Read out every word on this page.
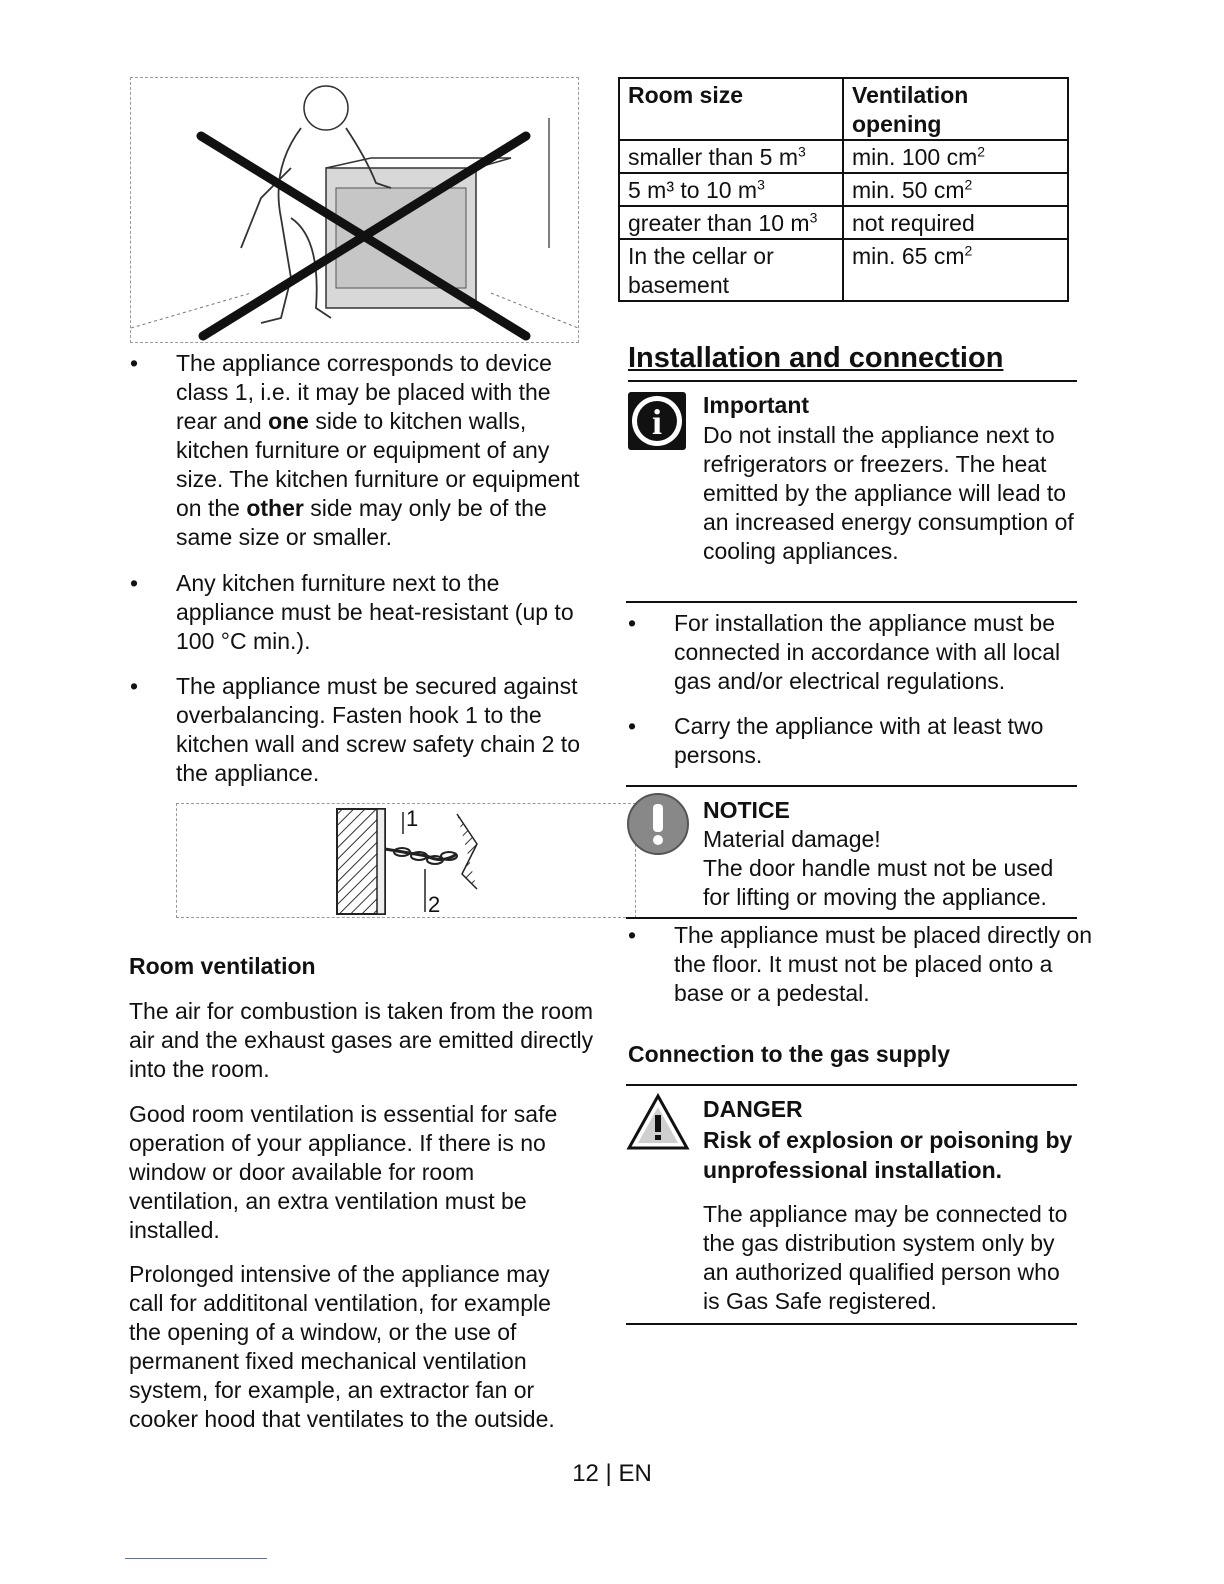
• The appliance corresponds to device class 1, i.e. it may be placed with the rear and one side to kitchen walls, kitchen furniture or equipment of any size. The kitchen furniture or equipment on the other side may only be of the same size or smaller.
• Any kitchen furniture next to the appliance must be heat-resistant (up to 100 °C min.).
• The appliance must be secured against overbalancing. Fasten hook 1 to the kitchen wall and screw safety chain 2 to the appliance.
1
2
Room ventilation
The air for combustion is taken from the room air and the exhaust gases are emitted directly into the room.
Good room ventilation is essential for safe operation of your appliance. If there is no window or door available for room ventilation, an extra ventilation must be installed.
Prolonged intensive of the appliance may call for addititonal ventilation, for example the opening of a window, or the use of permanent fixed mechanical ventilation system, for example, an extractor fan or cooker hood that ventilates to the outside.
Room size	Ventilation opening
smaller than 5 $m^3$	min. 100 $cm^2$
5 m³ to 10 $m^3$	min. 50 $cm^2$
greater than 10 $m^3$	not required
In the cellar or basement	min. 65 $cm^2$
Installation and connection
i Important
Do not install the appliance next to refrigerators or freezers. The heat emitted by the appliance will lead to an increased energy consumption of cooling appliances.
• For installation the appliance must be connected in accordance with all local gas and/or electrical regulations.
• Carry the appliance with at least two persons.
NOTICE
Material damage!
The door handle must not be used for lifting or moving the appliance.
• The appliance must be placed directly on the floor. It must not be placed onto a base or a pedestal.
Connection to the gas supply
DANGER
Risk of explosion or poisoning by unprofessional installation.
The appliance may be connected to the gas distribution system only by an authorized qualified person who is Gas Safe registered.
12 | EN
